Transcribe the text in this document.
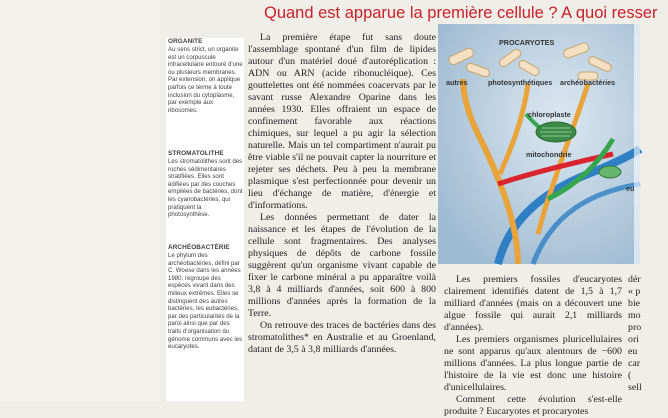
ORGANITE
Au sens strict, un organite est un corpuscule intracellulaire entouré d'une ou plusieurs membranes. Par extension, on applique parfois ce terme à toute inclusion du cytoplasme, par exemple aux ribosomes.
STROMATOLITHE
Les stromatolithes sont des roches sédimentaires stratifiées. Elles sont édifiées par des couches empilées de bactéries, dont les cyanobactéries, qui pratiquent la photosynthèse.
ARCHÉOBACTÉRIE
Le phylum des archéobactéries, défini par C. Woese dans les années 1980, regroupe des espèces vivant dans des milieux extrêmes. Elles se distinguent des autres bactéries, les eubactéries, par des particularités de la paroi ainsi que par des traits d'organisation du génome communs avec les eucaryotes.
Quand est apparue la première cellule ? A quoi resser

La première étape fut sans doute l'assemblage spontané d'un film de lipides autour d'un matériel doué d'autoréplication : ADN ou ARN (acide ribonucléique). Ces gouttelettes ont été nommées coacervats par le savant russe Alexandre Oparine dans les années 1930. Elles offraient un espace de confinement favorable aux réactions chimiques, sur lequel a pu agir la sélection naturelle. Mais un tel compartiment n'aurait pu être viable s'il ne pouvait capter la nourriture et rejeter ses déchets. Peu à peu la membrane plasmique s'est perfectionnée pour devenir un lieu d'échange de matière, d'énergie et d'informations.

Les données permettant de dater la naissance et les étapes de l'évolution de la cellule sont fragmentaires. Des analyses physiques de dépôts de carbone fossile suggèrent qu'un organisme vivant capable de fixer le carbone minéral a pu apparaître voilà 3,8 à 4 milliards d'années, soit 600 à 800 millions d'années après la formation de la Terre.

On retrouve des traces de bactéries dans des stromatolithes* en Australie et au Groenland, datant de 3,5 à 3,8 milliards d'années.

PROCARYOTES
autres	photosynthétiques archéobactéries
chloroplaste
mitochondrie
eu

Les premiers fossiles d'eucaryotes clairement identifiés datent de 1,5 à 1,7 milliard d'années (mais on a découvert une algue fossile qui aurait 2,1 milliards d'années).

Les premiers organismes pluricellulaires ne sont apparus qu'aux alentours de −600 millions d'années. La plus longue partie de l'histoire de la vie est donc une histoire d'unicellulaires.

Comment cette évolution s'est-elle produite ? Eucaryotes et procaryotes

dér
« p
bie
mo
pro
ori
eu
car
(
sell
